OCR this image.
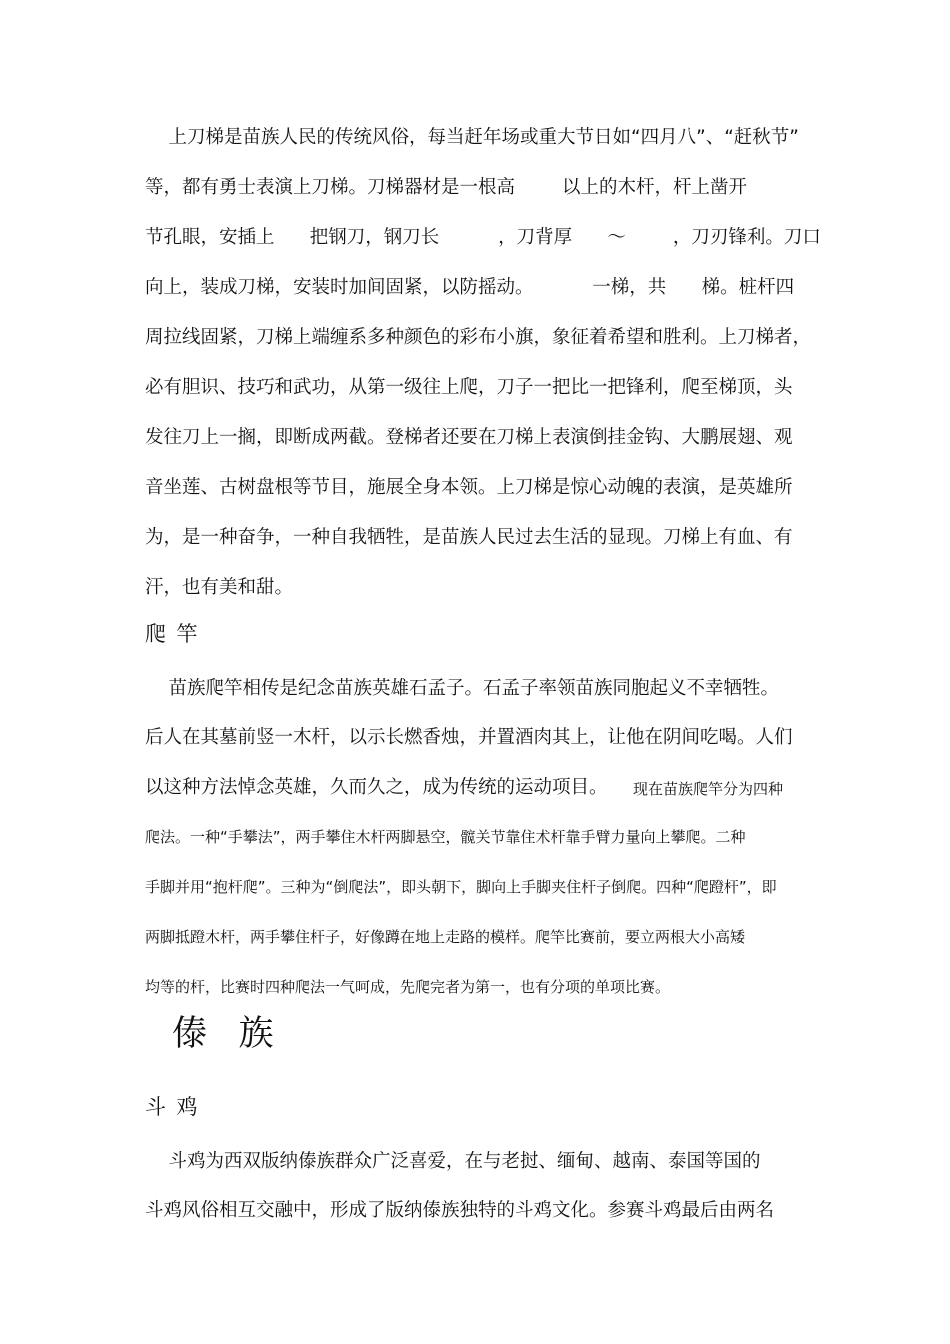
上刀梯是苗族人民的传统风俗，每当赶年场或重大节日如“四月八”、“赶秋节”
等，都有勇士表演上刀梯。刀梯器材是一根高        以上的木杆，杆上凿开
节孔眼，安插上      把钢刀，钢刀长          ，刀背厚      ～        ，刀刃锋利。刀口
向上，装成刀梯，安装时加间固紧，以防摇动。          一梯，共      梯。桩杆四
周拉线固紧，刀梯上端缠系多种颜色的彩布小旗，象征着希望和胜利。上刀梯者，
必有胆识、技巧和武功，从第一级往上爬，刀子一把比一把锋利，爬至梯顶，头
发往刀上一搁，即断成两截。登梯者还要在刀梯上表演倒挂金钩、大鹏展翅、观
音坐莲、古树盘根等节目，施展全身本领。上刀梯是惊心动魄的表演，是英雄所
为，是一种奋争，一种自我牺牲，是苗族人民过去生活的显现。刀梯上有血、有
汗，也有美和甜。
爬竿
苗族爬竿相传是纪念苗族英雄石孟子。石孟子率领苗族同胞起义不幸牺牲。
后人在其墓前竖一木杆，以示长燃香烛，并置酒肉其上，让他在阴间吃喝。人们
以这种方法悼念英雄，久而久之，成为传统的运动项目。 现在苗族爬竿分为四种
爬法。一种“手攀法”，两手攀住木杆两脚悬空，髋关节靠住术杆靠手臂力量向上攀爬。二种
手脚并用“抱杆爬”。三种为“倒爬法”，即头朝下，脚向上手脚夹住杆子倒爬。四种“爬蹬杆”，即
两脚抵蹬木杆，两手攀住杆子，好像蹲在地上走路的模样。爬竿比赛前，要立两根大小高矮
均等的杆，比赛时四种爬法一气呵成，先爬完者为第一，也有分项的单项比赛。
傣族
斗鸡
斗鸡为西双版纳傣族群众广泛喜爱，在与老挝、缅甸、越南、泰国等国的
斗鸡风俗相互交融中，形成了版纳傣族独特的斗鸡文化。参赛斗鸡最后由两名
